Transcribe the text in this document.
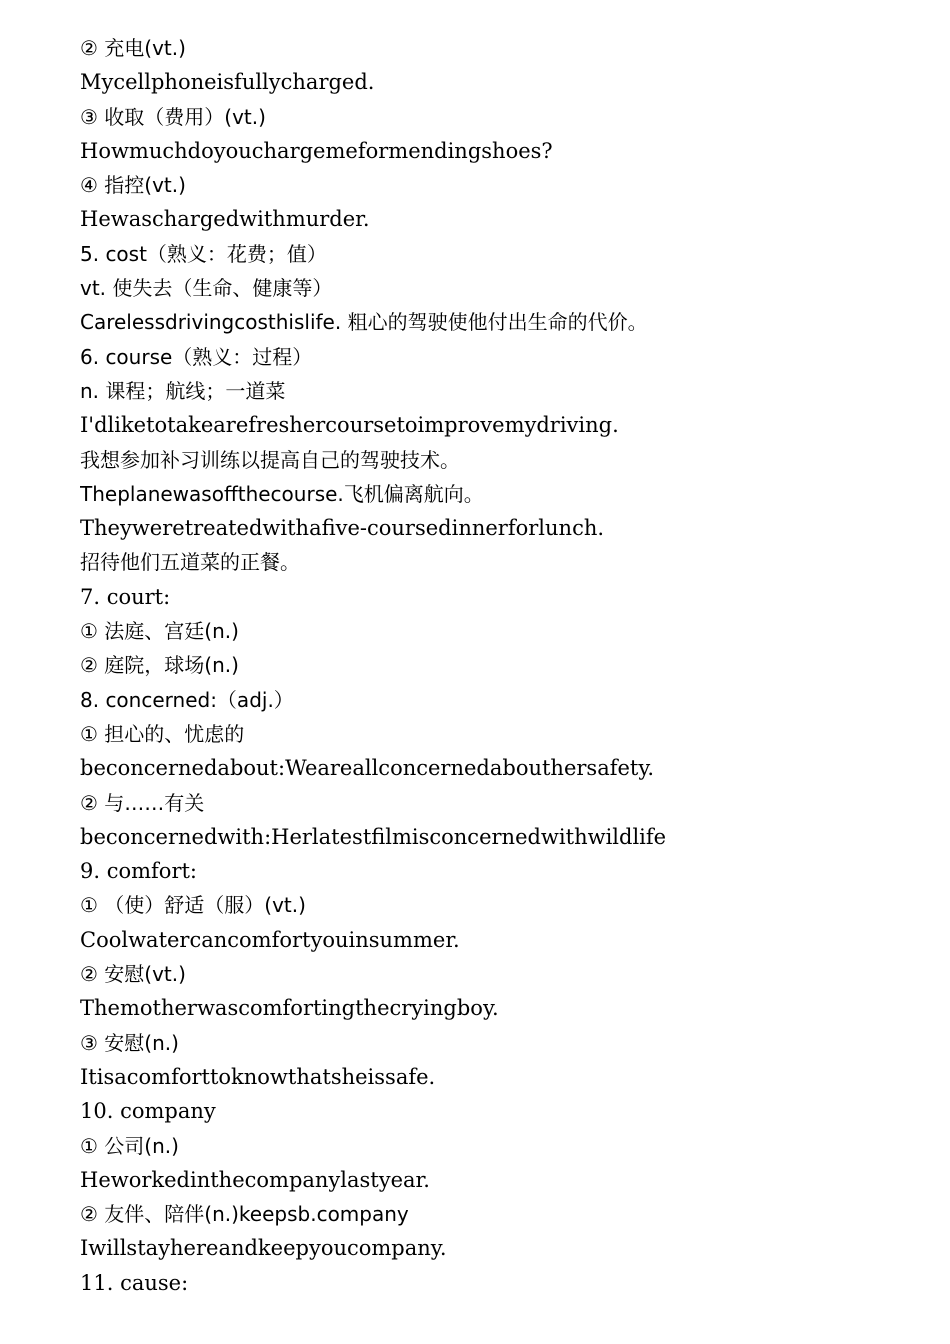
② 充电(vt.)
Mycellphoneisfullycharged.
③ 收取（费用）(vt.)
Howmuchdoyouchargemeformendingshoes?
④ 指控(vt.)
Hewaschargedwithmurder.
5. cost（熟义：花费；值）
vt. 使失去（生命、健康等）
Carelessdrivingcosthislife. 粗心的驾驶使他付出生命的代价。
6. course（熟义：过程）
n. 课程；航线；一道菜
I'dliketotakearefreshercoursetoimprovemydriving.
我想参加补习训练以提高自己的驾驶技术。
Theplanewasoffthecourse.飞机偏离航向。
Theyweretreatedwithafive-coursedinnerforlunch.
招待他们五道菜的正餐。
7. court:
① 法庭、宫廷(n.)
② 庭院，球场(n.)
8. concerned:（adj.）
① 担心的、忧虑的
beconcernedabout:Weareallconcernedabouthersafety.
② 与……有关
beconcernedwith:Herlatestfilmisconcernedwithwildlife
9. comfort:
① （使）舒适（服）(vt.)
Coolwatercancomfortyouinsummer.
② 安慰(vt.)
Themotherwascomfortingthecryingboy.
③ 安慰(n.)
Itisacomforttoknowthatsheissafe.
10. company
① 公司(n.)
Heworkedinthecompanylastyear.
② 友伴、陪伴(n.)keepsb.company
Iwillstayhereandkeepyoucompany.
11. cause:
